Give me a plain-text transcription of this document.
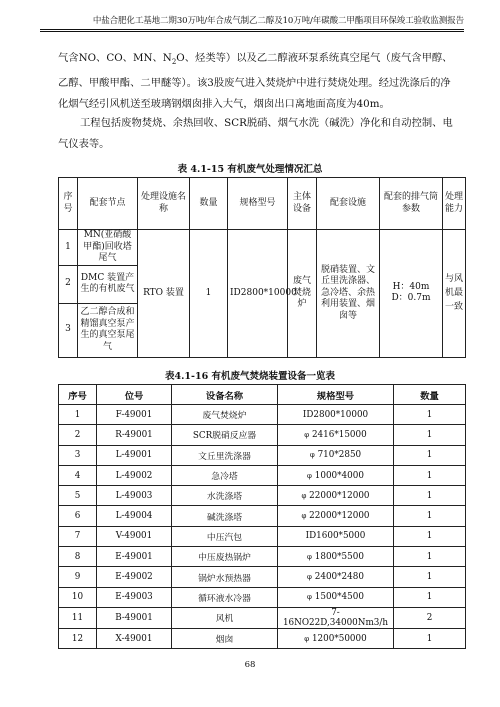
中盐合肥化工基地二期30万吨/年合成气制乙二醇及10万吨/年碳酸二甲酯项目环保竣工验收监测报告

气含NO、CO、MN、$N_2O$、烃类等）以及乙二醇液环泵系统真空尾气（废气含甲醇、乙醇、甲酸甲酯、二甲醚等）。该3股废气进入焚烧炉中进行焚烧处理。经过洗涤后的净化烟气经引风机送至玻璃钢烟囱排入大气，烟囱出口离地面高度为40m。

工程包括废物焚烧、余热回收、SCR脱硝、烟气水洗（碱洗）净化和自动控制、电气仪表等。

表 4.1-15 有机废气处理情况汇总
序号	配套节点	处理设施名称	数量	规格型号	主体设备	配套设施	配套的排气筒参数	处理能力
1	MN(亚硝酸甲酯)回收塔尾气	RTO 装置	1	ID2800*10000	废气焚烧炉	脱硝装置、文丘里洗涤器、急冷塔、余热利用装置、烟囱等	H：40m
D：0.7m	与风机最一致
2	DMC 装置产生的有机废气							
3	乙二醇合成和精馏真空泵产生的真空泵尾气							
表4.1-16 有机废气焚烧装置设备一览表
序号	位号	设备名称	规格型号	数量
1	F-49001	废气焚烧炉	ID2800*10000	1
2	R-49001	SCR脱硝反应器	φ 2416*15000	1
3	L-49001	文丘里洗涤器	φ 710*2850	1
4	L-49002	急冷塔	φ 1000*4000	1
5	L-49003	水洗涤塔	φ 22000*12000	1
6	L-49004	碱洗涤塔	φ 22000*12000	1
7	V-49001	中压汽包	ID1600*5000	1
8	E-49001	中压废热锅炉	φ 1800*5500	1
9	E-49002	锅炉水预热器	φ 2400*2480	1
10	E-49003	循环液水冷器	φ 1500*4500	1
11	B-49001	风机	7-16NO22D,34000Nm3/h	2
12	X-49001	烟囱	φ 1200*50000	1
68
